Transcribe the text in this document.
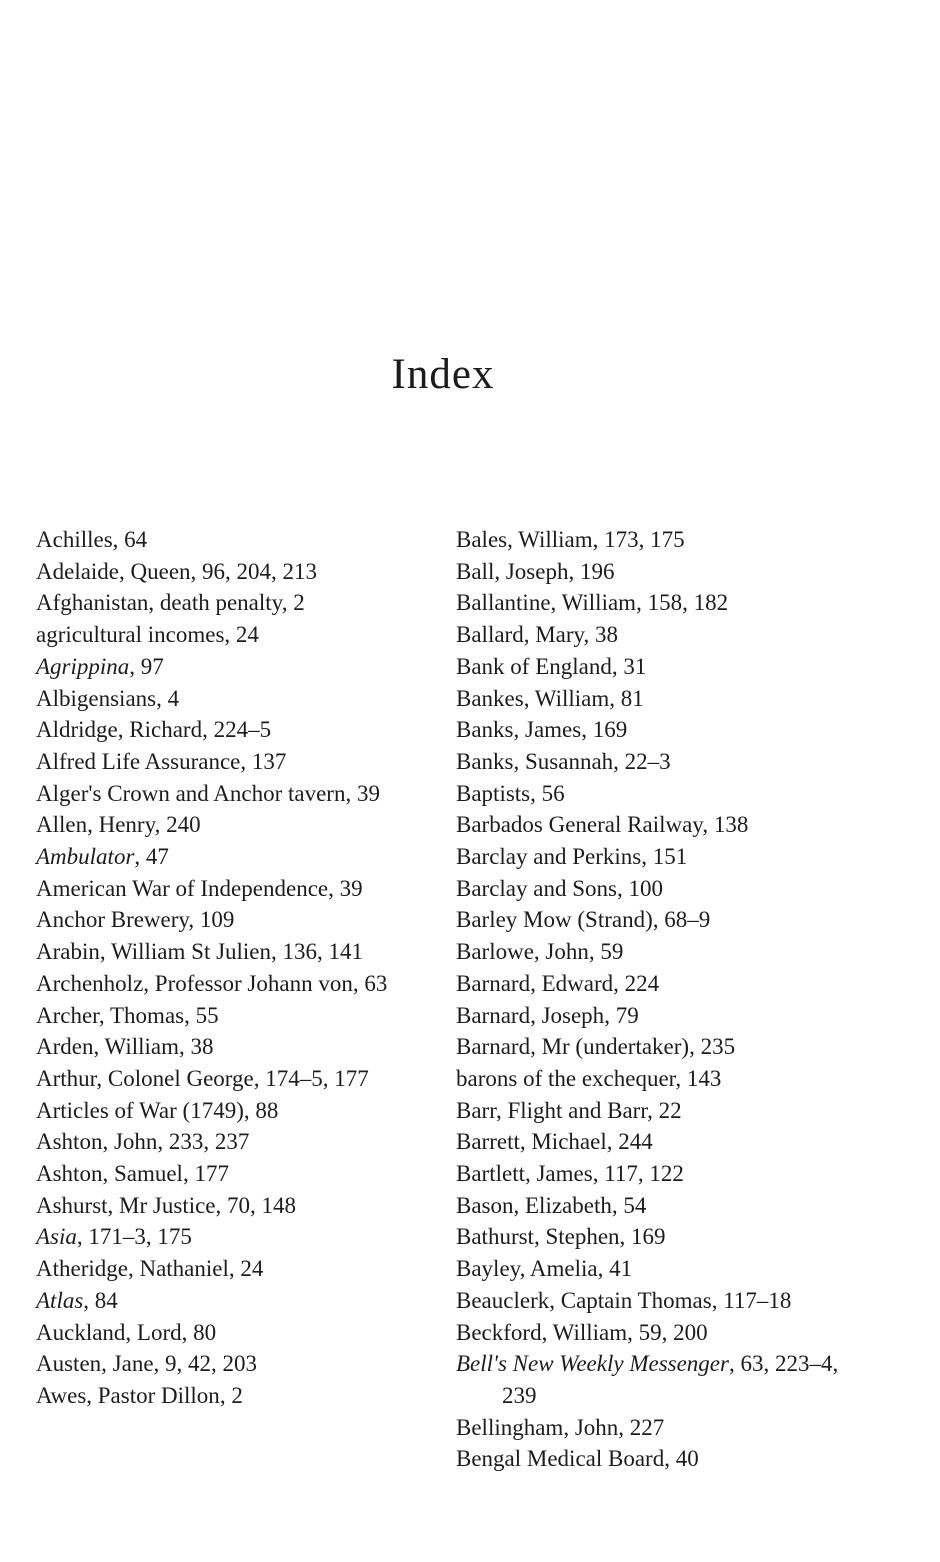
Index
Achilles, 64
Adelaide, Queen, 96, 204, 213
Afghanistan, death penalty, 2
agricultural incomes, 24
Agrippina, 97
Albigensians, 4
Aldridge, Richard, 224–5
Alfred Life Assurance, 137
Alger's Crown and Anchor tavern, 39
Allen, Henry, 240
Ambulator, 47
American War of Independence, 39
Anchor Brewery, 109
Arabin, William St Julien, 136, 141
Archenholz, Professor Johann von, 63
Archer, Thomas, 55
Arden, William, 38
Arthur, Colonel George, 174–5, 177
Articles of War (1749), 88
Ashton, John, 233, 237
Ashton, Samuel, 177
Ashurst, Mr Justice, 70, 148
Asia, 171–3, 175
Atheridge, Nathaniel, 24
Atlas, 84
Auckland, Lord, 80
Austen, Jane, 9, 42, 203
Awes, Pastor Dillon, 2
Bales, William, 173, 175
Ball, Joseph, 196
Ballantine, William, 158, 182
Ballard, Mary, 38
Bank of England, 31
Bankes, William, 81
Banks, James, 169
Banks, Susannah, 22–3
Baptists, 56
Barbados General Railway, 138
Barclay and Perkins, 151
Barclay and Sons, 100
Barley Mow (Strand), 68–9
Barlowe, John, 59
Barnard, Edward, 224
Barnard, Joseph, 79
Barnard, Mr (undertaker), 235
barons of the exchequer, 143
Barr, Flight and Barr, 22
Barrett, Michael, 244
Bartlett, James, 117, 122
Bason, Elizabeth, 54
Bathurst, Stephen, 169
Bayley, Amelia, 41
Beauclerk, Captain Thomas, 117–18
Beckford, William, 59, 200
Bell's New Weekly Messenger, 63, 223–4, 239
Bellingham, John, 227
Bengal Medical Board, 40
